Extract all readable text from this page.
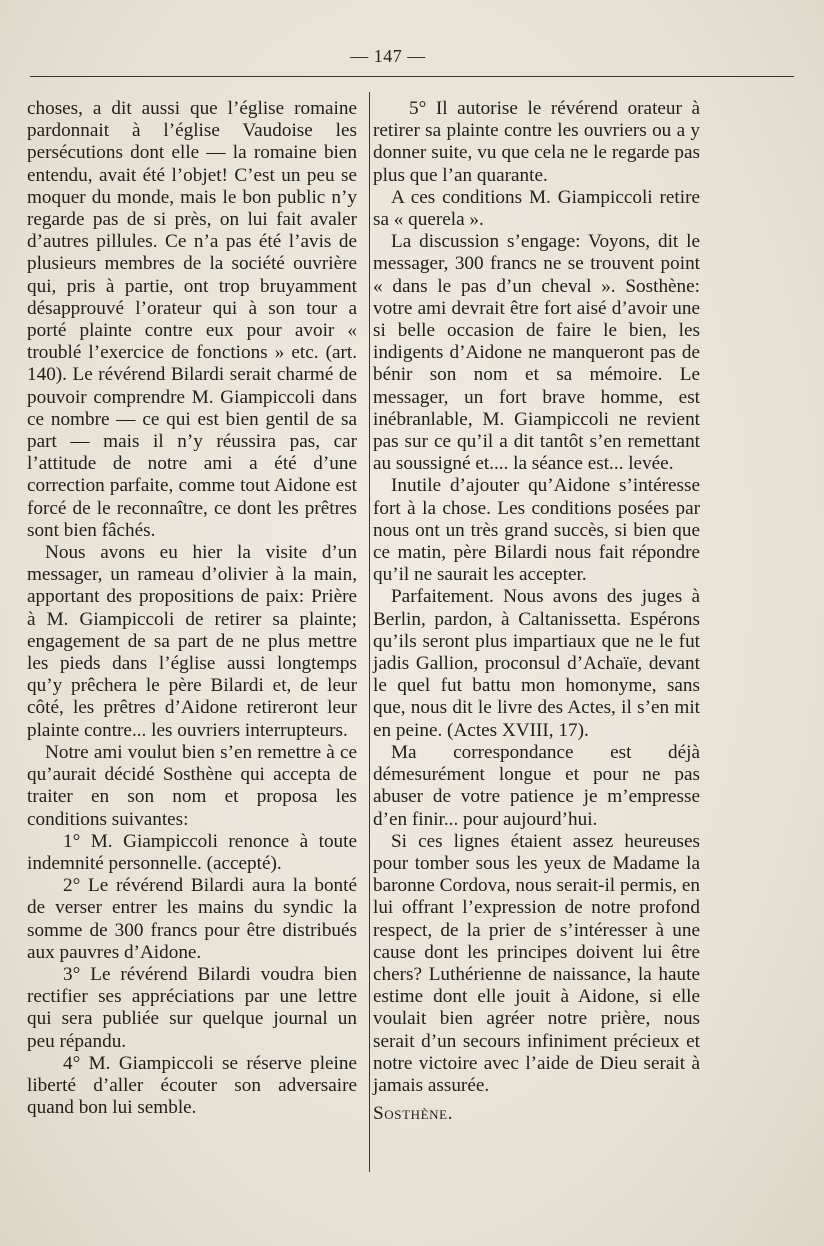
— 147 —

choses, a dit aussi que l’église romaine pardonnait à l’église Vaudoise les persécutions dont elle — la romaine bien entendu, avait été l’objet! C’est un peu se moquer du monde, mais le bon public n’y regarde pas de si près, on lui fait avaler d’autres pillules. Ce n’a pas été l’avis de plusieurs membres de la société ouvrière qui, pris à partie, ont trop bruyamment désapprouvé l’orateur qui à son tour a porté plainte contre eux pour avoir « troublé l’exercice de fonctions » etc. (art. 140). Le révérend Bilardi serait charmé de pouvoir comprendre M. Giampiccoli dans ce nombre — ce qui est bien gentil de sa part — mais il n’y réussira pas, car l’attitude de notre ami a été d’une correction parfaite, comme tout Aidone est forcé de le reconnaître, ce dont les prêtres sont bien fâchés.

Nous avons eu hier la visite d’un messager, un rameau d’olivier à la main, apportant des propositions de paix: Prière à M. Giampiccoli de retirer sa plainte; engagement de sa part de ne plus mettre les pieds dans l’église aussi longtemps qu’y prêchera le père Bilardi et, de leur côté, les prêtres d’Aidone retireront leur plainte contre... les ouvriers interrupteurs.

Notre ami voulut bien s’en remettre à ce qu’aurait décidé Sosthène qui accepta de traiter en son nom et proposa les conditions suivantes:

1° M. Giampiccoli renonce à toute indemnité personnelle. (accepté).

2° Le révérend Bilardi aura la bonté de verser entrer les mains du syndic la somme de 300 francs pour être distribués aux pauvres d’Aidone.

3° Le révérend Bilardi voudra bien rectifier ses appréciations par une lettre qui sera publiée sur quelque journal un peu répandu.

4° M. Giampiccoli se réserve pleine liberté d’aller écouter son adversaire quand bon lui semble.

5° Il autorise le révérend orateur à retirer sa plainte contre les ouvriers ou a y donner suite, vu que cela ne le regarde pas plus que l’an quarante.

A ces conditions M. Giampiccoli retire sa « querela ».

La discussion s’engage: Voyons, dit le messager, 300 francs ne se trouvent point « dans le pas d’un cheval ». Sosthène: votre ami devrait être fort aisé d’avoir une si belle occasion de faire le bien, les indigents d’Aidone ne manqueront pas de bénir son nom et sa mémoire. Le messager, un fort brave homme, est inébranlable, M. Giampiccoli ne revient pas sur ce qu’il a dit tantôt s’en remettant au soussigné et.... la séance est... levée.

Inutile d’ajouter qu’Aidone s’intéresse fort à la chose. Les conditions posées par nous ont un très grand succès, si bien que ce matin, père Bilardi nous fait répondre qu’il ne saurait les accepter.

Parfaitement. Nous avons des juges à Berlin, pardon, à Caltanissetta. Espérons qu’ils seront plus impartiaux que ne le fut jadis Gallion, proconsul d’Achaïe, devant le quel fut battu mon homonyme, sans que, nous dit le livre des Actes, il s’en mit en peine. (Actes XVIII, 17).

Ma correspondance est déjà démesurément longue et pour ne pas abuser de votre patience je m’empresse d’en finir... pour aujourd’hui.

Si ces lignes étaient assez heureuses pour tomber sous les yeux de Madame la baronne Cordova, nous serait-il permis, en lui offrant l’expression de notre profond respect, de la prier de s’intéresser à une cause dont les principes doivent lui être chers? Luthérienne de naissance, la haute estime dont elle jouit à Aidone, si elle voulait bien agréer notre prière, nous serait d’un secours infiniment précieux et notre victoire avec l’aide de Dieu serait à jamais assurée.

Sosthène.
